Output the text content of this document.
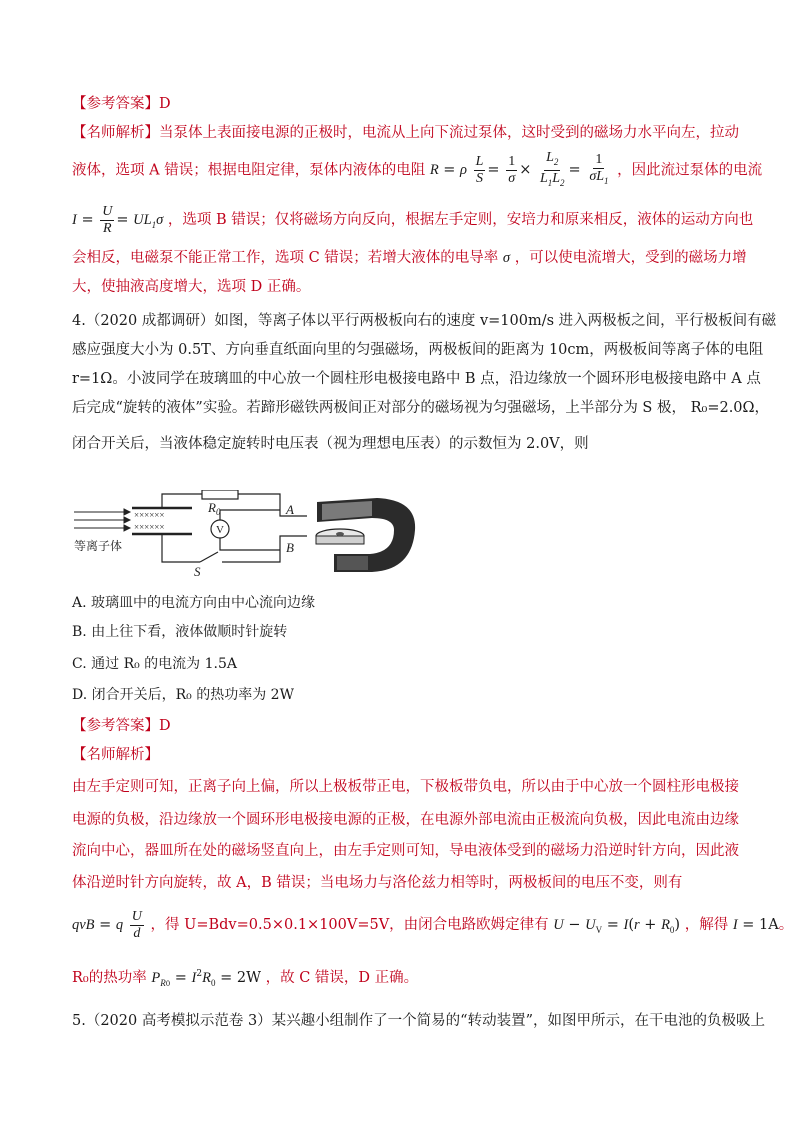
【参考答案】D
【名师解析】当泵体上表面接电源的正极时，电流从上向下流过泵体，这时受到的磁场力水平向左，拉动
液体，选项 A 错误；根据电阻定律，泵体内液体的电阻 R = ρ $\frac{L}{S} = \frac{1}{\sigma} \times \frac{L_2}{L_1L_2} = \frac{1}{\sigma L_1}$ ，因此流过泵体的电流
$I = \frac{U}{R} = UL_1\sigma$ ，选项 B 错误；仅将磁场方向反向，根据左手定则，安培力和原来相反，液体的运动方向也
会相反，电磁泵不能正常工作，选项 C 错误；若增大液体的电导率 σ ，可以使电流增大，受到的磁场力增
大，使抽液高度增大，选项 D 正确。
4.（2020 成都调研）如图，等离子体以平行两极板向右的速度 v=100m/s 进入两极板之间，平行极板间有磁
感应强度大小为 0.5T、方向垂直纸面向里的匀强磁场，两极板间的距离为 10cm，两极板间等离子体的电阻
r=1Ω。小波同学在玻璃皿的中心放一个圆柱形电极接电路中 B 点，沿边缘放一个圆环形电极接电路中 A 点
后完成“旋转的液体”实验。若蹄形磁铁两极间正对部分的磁场视为匀强磁场，上半部分为 S 极， R₀=2.0Ω，
闭合开关后，当液体稳定旋转时电压表（视为理想电压表）的示数恒为 2.0V，则
××××××
××××××
等离子体
V
$R_0$	A
B
S
A. 玻璃皿中的电流方向由中心流向边缘
B. 由上往下看，液体做顺时针旋转
C. 通过 R₀ 的电流为 1.5A
D. 闭合开关后，R₀ 的热功率为 2W
【参考答案】D
【名师解析】
由左手定则可知，正离子向上偏，所以上极板带正电，下极板带负电，所以由于中心放一个圆柱形电极接
电源的负极，沿边缘放一个圆环形电极接电源的正极，在电源外部电流由正极流向负极，因此电流由边缘
流向中心，器皿所在处的磁场竖直向上，由左手定则可知，导电液体受到的磁场力沿逆时针方向，因此液
体沿逆时针方向旋转，故 A，B 错误；当电场力与洛伦兹力相等时，两极板间的电压不变，则有
qvB = q $\frac{U}{d}$ ，得 U=Bdv=0.5×0.1×100V=5V，由闭合电路欧姆定律有 $U - U_V = I(r + R_0)$ ，解得 I = 1A。
R₀的热功率 $P_{R0} = I^2R_0 = 2W$ ，故 C 错误，D 正确。
5.（2020 高考模拟示范卷 3）某兴趣小组制作了一个简易的“转动装置”，如图甲所示，在干电池的负极吸上
